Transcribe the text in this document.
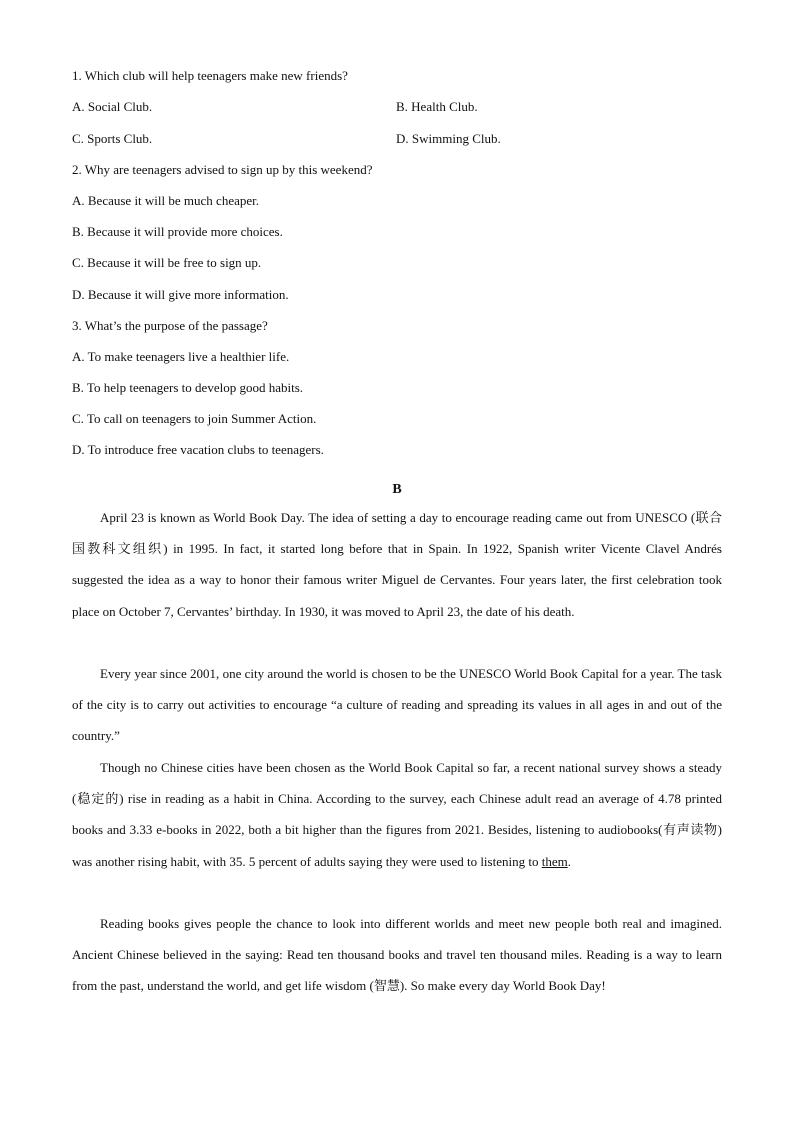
1. Which club will help teenagers make new friends?
A. Social Club.	B. Health Club.
C. Sports Club.	D. Swimming Club.
2. Why are teenagers advised to sign up by this weekend?
A. Because it will be much cheaper.
B. Because it will provide more choices.
C. Because it will be free to sign up.
D. Because it will give more information.
3. What’s the purpose of the passage?
A. To make teenagers live a healthier life.
B. To help teenagers to develop good habits.
C. To call on teenagers to join Summer Action.
D. To introduce free vacation clubs to teenagers.
B

April 23 is known as World Book Day. The idea of setting a day to encourage reading came out from UNESCO (联合国教科文组织) in 1995. In fact, it started long before that in Spain. In 1922, Spanish writer Vicente Clavel Andrés suggested the idea as a way to honor their famous writer Miguel de Cervantes. Four years later, the first celebration took place on October 7, Cervantes’ birthday. In 1930, it was moved to April 23, the date of his death.

Every year since 2001, one city around the world is chosen to be the UNESCO World Book Capital for a year. The task of the city is to carry out activities to encourage “a culture of reading and spreading its values in all ages in and out of the country.”

Though no Chinese cities have been chosen as the World Book Capital so far, a recent national survey shows a steady (稳定的) rise in reading as a habit in China. According to the survey, each Chinese adult read an average of 4.78 printed books and 3.33 e-books in 2022, both a bit higher than the figures from 2021. Besides, listening to audiobooks(有声读物) was another rising habit, with 35. 5 percent of adults saying they were used to listening to them.

Reading books gives people the chance to look into different worlds and meet new people both real and imagined. Ancient Chinese believed in the saying: Read ten thousand books and travel ten thousand miles. Reading is a way to learn from the past, understand the world, and get life wisdom (智慧). So make every day World Book Day!
